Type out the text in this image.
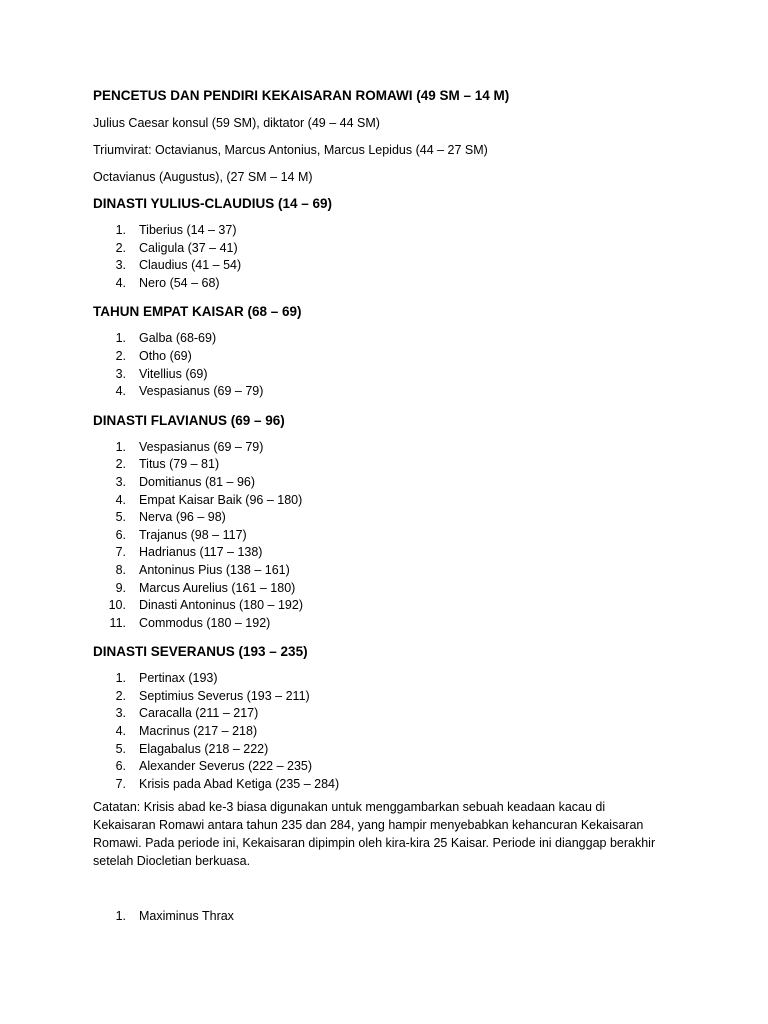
PENCETUS DAN PENDIRI KEKAISARAN ROMAWI (49 SM – 14 M)

Julius Caesar konsul (59 SM), diktator (49 – 44 SM)

Triumvirat: Octavianus, Marcus Antonius, Marcus Lepidus (44 – 27 SM)

Octavianus (Augustus), (27 SM – 14 M)

DINASTI YULIUS-CLAUDIUS (14 – 69)
1. Tiberius (14 – 37)
2. Caligula (37 – 41)
3. Claudius (41 – 54)
4. Nero (54 – 68)
TAHUN EMPAT KAISAR (68 – 69)
1. Galba (68-69)
2. Otho (69)
3. Vitellius (69)
4. Vespasianus (69 – 79)
DINASTI FLAVIANUS (69 – 96)
1. Vespasianus (69 – 79)
2. Titus (79 – 81)
3. Domitianus (81 – 96)
4. Empat Kaisar Baik (96 – 180)
5. Nerva (96 – 98)
6. Trajanus (98 – 117)
7. Hadrianus (117 – 138)
8. Antoninus Pius (138 – 161)
9. Marcus Aurelius (161 – 180)
10. Dinasti Antoninus (180 – 192)
11. Commodus (180 – 192)
DINASTI SEVERANUS (193 – 235)
1. Pertinax (193)
2. Septimius Severus (193 – 211)
3. Caracalla (211 – 217)
4. Macrinus (217 – 218)
5. Elagabalus (218 – 222)
6. Alexander Severus (222 – 235)
7. Krisis pada Abad Ketiga (235 – 284)

Catatan: Krisis abad ke-3 biasa digunakan untuk menggambarkan sebuah keadaan kacau di
Kekaisaran Romawi antara tahun 235 dan 284, yang hampir menyebabkan kehancuran Kekaisaran
Romawi. Pada periode ini, Kekaisaran dipimpin oleh kira-kira 25 Kaisar. Periode ini dianggap berakhir
setelah Diocletian berkuasa.

1. Maximinus Thrax
